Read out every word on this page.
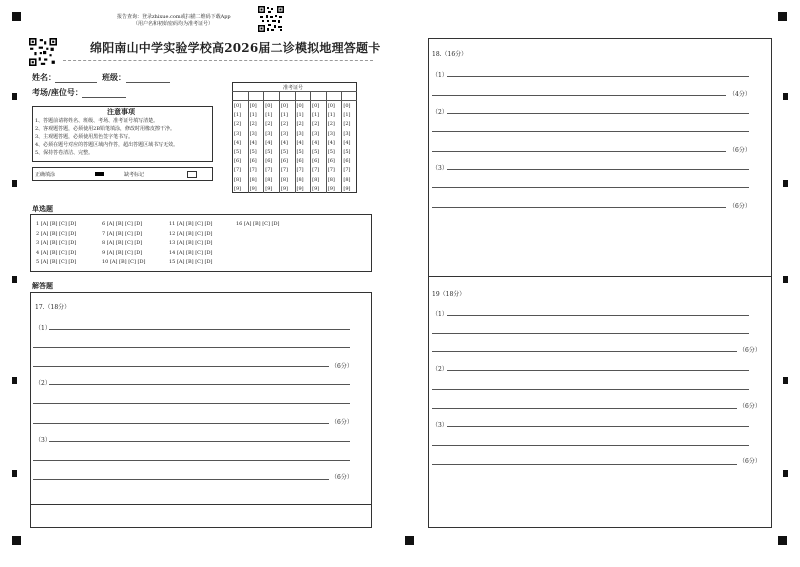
报告查询：登录zhixue.com或扫描二维码下载App
（用户名和初始密码均为准考证号）
绵阳南山中学实验学校高2026届二诊模拟地理答题卡
姓名：	班级：
考场/座位号：
注意事项
1、答题前请将姓名、班级、考场、准考证号填写清楚。
2、客观题答题，必须使用2B铅笔填涂，修改时用橡皮擦干净。
3、主观题答题，必须使用黑色签字笔书写。
4、必须在题号对应的答题区域内作答，超出答题区域书写无效。
5、保持答卷清洁、完整。
正确填涂	缺考标记
准考证号
[0]
[1]
[2]
[3]
[4]
[5]
[6]
[7]
[8]
[9]
[0]
[1]
[2]
[3]
[4]
[5]
[6]
[7]
[8]
[9]
[0]
[1]
[2]
[3]
[4]
[5]
[6]
[7]
[8]
[9]
[0]
[1]
[2]
[3]
[4]
[5]
[6]
[7]
[8]
[9]
[0]
[1]
[2]
[3]
[4]
[5]
[6]
[7]
[8]
[9]
[0]
[1]
[2]
[3]
[4]
[5]
[6]
[7]
[8]
[9]
[0]
[1]
[2]
[3]
[4]
[5]
[6]
[7]
[8]
[9]
[0]
[1]
[2]
[3]
[4]
[5]
[6]
[7]
[8]
[9]
单选题
1 [A] [B] [C] [D]
2 [A] [B] [C] [D]
3 [A] [B] [C] [D]
4 [A] [B] [C] [D]
5 [A] [B] [C] [D]
6 [A] [B] [C] [D]
7 [A] [B] [C] [D]
8 [A] [B] [C] [D]
9 [A] [B] [C] [D]
10 [A] [B] [C] [D]
11 [A] [B] [C] [D]
12 [A] [B] [C] [D]
13 [A] [B] [C] [D]
14 [A] [B] [C] [D]
15 [A] [B] [C] [D]
16 [A] [B] [C] [D]
解答题
17.（18分）
（1）
（6分）
（2）
（6分）
（3）
（6分）
18.（16分）
（1）
（4分）
（2）
（6分）
（3）
（6分）
19（18分）
（1）
（6分）
（2）
（6分）
（3）
（6分）
